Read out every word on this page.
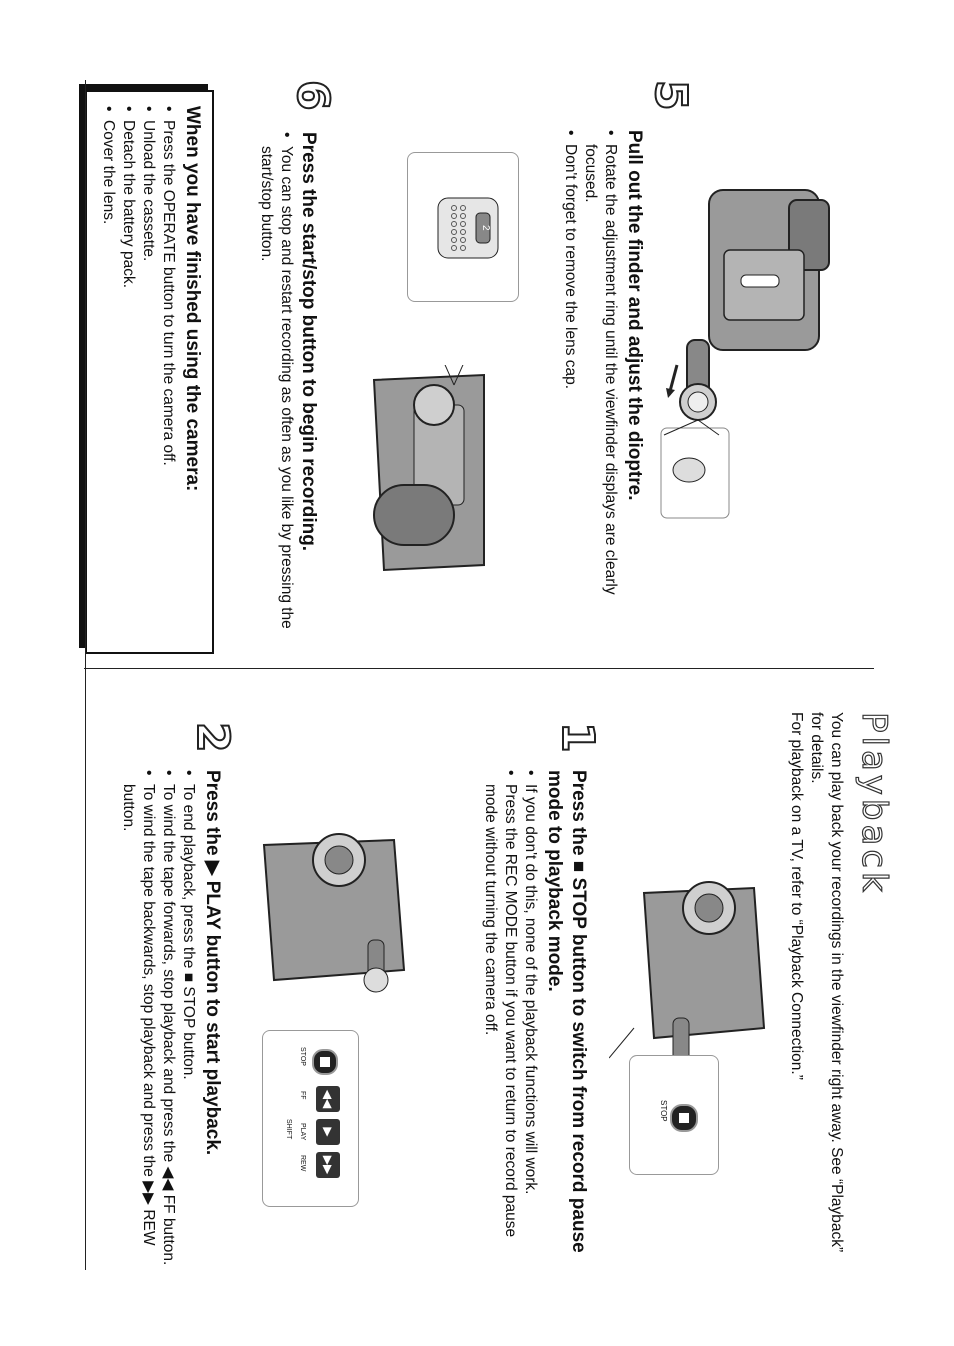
5
Pull out the finder and adjust the dioptre.
• Rotate the adjustment ring until the viewfinder displays are clearly focused.
• Don't forget to remove the lens cap.
6
Press the start/stop button to begin recording.
• You can stop and restart recording as often as you like by pressing the start/stop button.	2
When you have finished using the camera:
• Press the OPERATE button to turn the camera off.
• Unload the cassette.
• Detach the battery pack.
• Cover the lens.
Playback
You can play back your recordings in the viewfinder right away. See “Playback” for details.
For playback on a TV, refer to “Playback Connection.”
1
Press the ■ STOP button to switch from record pause mode to playback mode.
• If you don't do this, none of the playback functions will work.
• Press the REC MODE button if you want to return to record pause mode without turning the camera off.
STOP
2
Press the ▶ PLAY button to start playback.
• To end playback, press the ■ STOP button.
• To wind the tape forwards, stop playback and press the ◀◀ FF button.
• To wind the tape backwards, stop playback and press the ▶▶ REW button.
◀◀
▶
▶▶
STOP
FF
PLAY
REW
SHIFT
